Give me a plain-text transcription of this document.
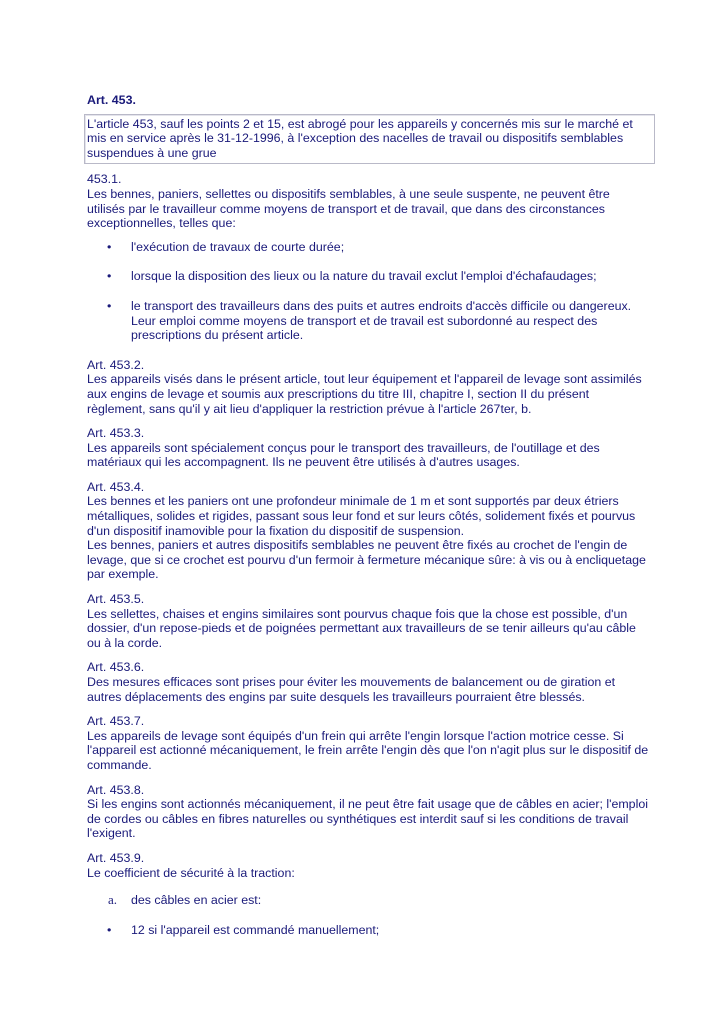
Art. 453.
L'article 453, sauf les points 2 et 15, est abrogé pour les appareils y concernés mis sur le marché et mis en service après le 31-12-1996, à l'exception des nacelles de travail ou dispositifs semblables suspendues à une grue

453.1.

Les bennes, paniers, sellettes ou dispositifs semblables, à une seule suspente, ne peuvent être utilisés par le travailleur comme moyens de transport et de travail, que dans des circonstances exceptionnelles, telles que:

• l'exécution de travaux de courte durée;
• lorsque la disposition des lieux ou la nature du travail exclut l'emploi d'échafaudages;
• le transport des travailleurs dans des puits et autres endroits d'accès difficile ou dangereux. Leur emploi comme moyens de transport et de travail est subordonné au respect des prescriptions du présent article.

Art. 453.2.

Les appareils visés dans le présent article, tout leur équipement et l'appareil de levage sont assimilés aux engins de levage et soumis aux prescriptions du titre III, chapitre I, section II du présent règlement, sans qu'il y ait lieu d'appliquer la restriction prévue à l'article 267ter, b.

Art. 453.3.

Les appareils sont spécialement conçus pour le transport des travailleurs, de l'outillage et des matériaux qui les accompagnent. Ils ne peuvent être utilisés à d'autres usages.

Art. 453.4.

Les bennes et les paniers ont une profondeur minimale de 1 m et sont supportés par deux étriers métalliques, solides et rigides, passant sous leur fond et sur leurs côtés, solidement fixés et pourvus d'un dispositif inamovible pour la fixation du dispositif de suspension.

Les bennes, paniers et autres dispositifs semblables ne peuvent être fixés au crochet de l'engin de levage, que si ce crochet est pourvu d'un fermoir à fermeture mécanique sûre: à vis ou à encliquetage par exemple.

Art. 453.5.

Les sellettes, chaises et engins similaires sont pourvus chaque fois que la chose est possible, d'un dossier, d'un repose-pieds et de poignées permettant aux travailleurs de se tenir ailleurs qu'au câble ou à la corde.

Art. 453.6.

Des mesures efficaces sont prises pour éviter les mouvements de balancement ou de giration et autres déplacements des engins par suite desquels les travailleurs pourraient être blessés.

Art. 453.7.

Les appareils de levage sont équipés d'un frein qui arrête l'engin lorsque l'action motrice cesse. Si l'appareil est actionné mécaniquement, le frein arrête l'engin dès que l'on n'agit plus sur le dispositif de commande.

Art. 453.8.

Si les engins sont actionnés mécaniquement, il ne peut être fait usage que de câbles en acier; l'emploi de cordes ou câbles en fibres naturelles ou synthétiques est interdit sauf si les conditions de travail l'exigent.

Art. 453.9.

Le coefficient de sécurité à la traction:

a. des câbles en acier est:
• 12 si l'appareil est commandé manuellement;
